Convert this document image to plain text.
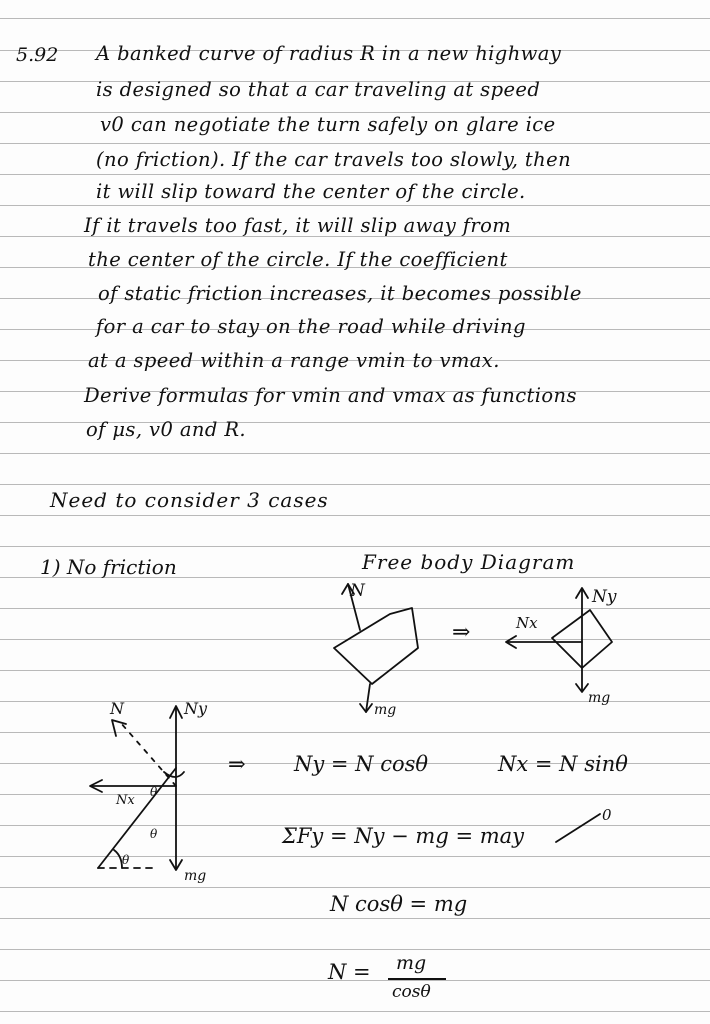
5.92 A banked curve of radius R in a new highway
is designed so that a car traveling at speed
v0 can negotiate the turn safely on glare ice
(no friction). If the car travels too slowly, then
it will slip toward the center of the circle.
If it travels too fast, it will slip away from
the center of the circle. If the coefficient
of static friction increases, it becomes possible
for a car to stay on the road while driving
at a speed within a range vmin to vmax.
Derive formulas for vmin and vmax as functions
of μs, v0 and R.
Need to consider 3 cases
1) No friction	Free body Diagram
N
mg
⇒
Ny
Nx
mg
N	Ny
Nx
mg
θ
θ
θ
⇒ Ny = N cosθ	Nx = N sinθ
ΣFy = Ny − mg = may
0
N cosθ = mg
N = mg
cosθ
